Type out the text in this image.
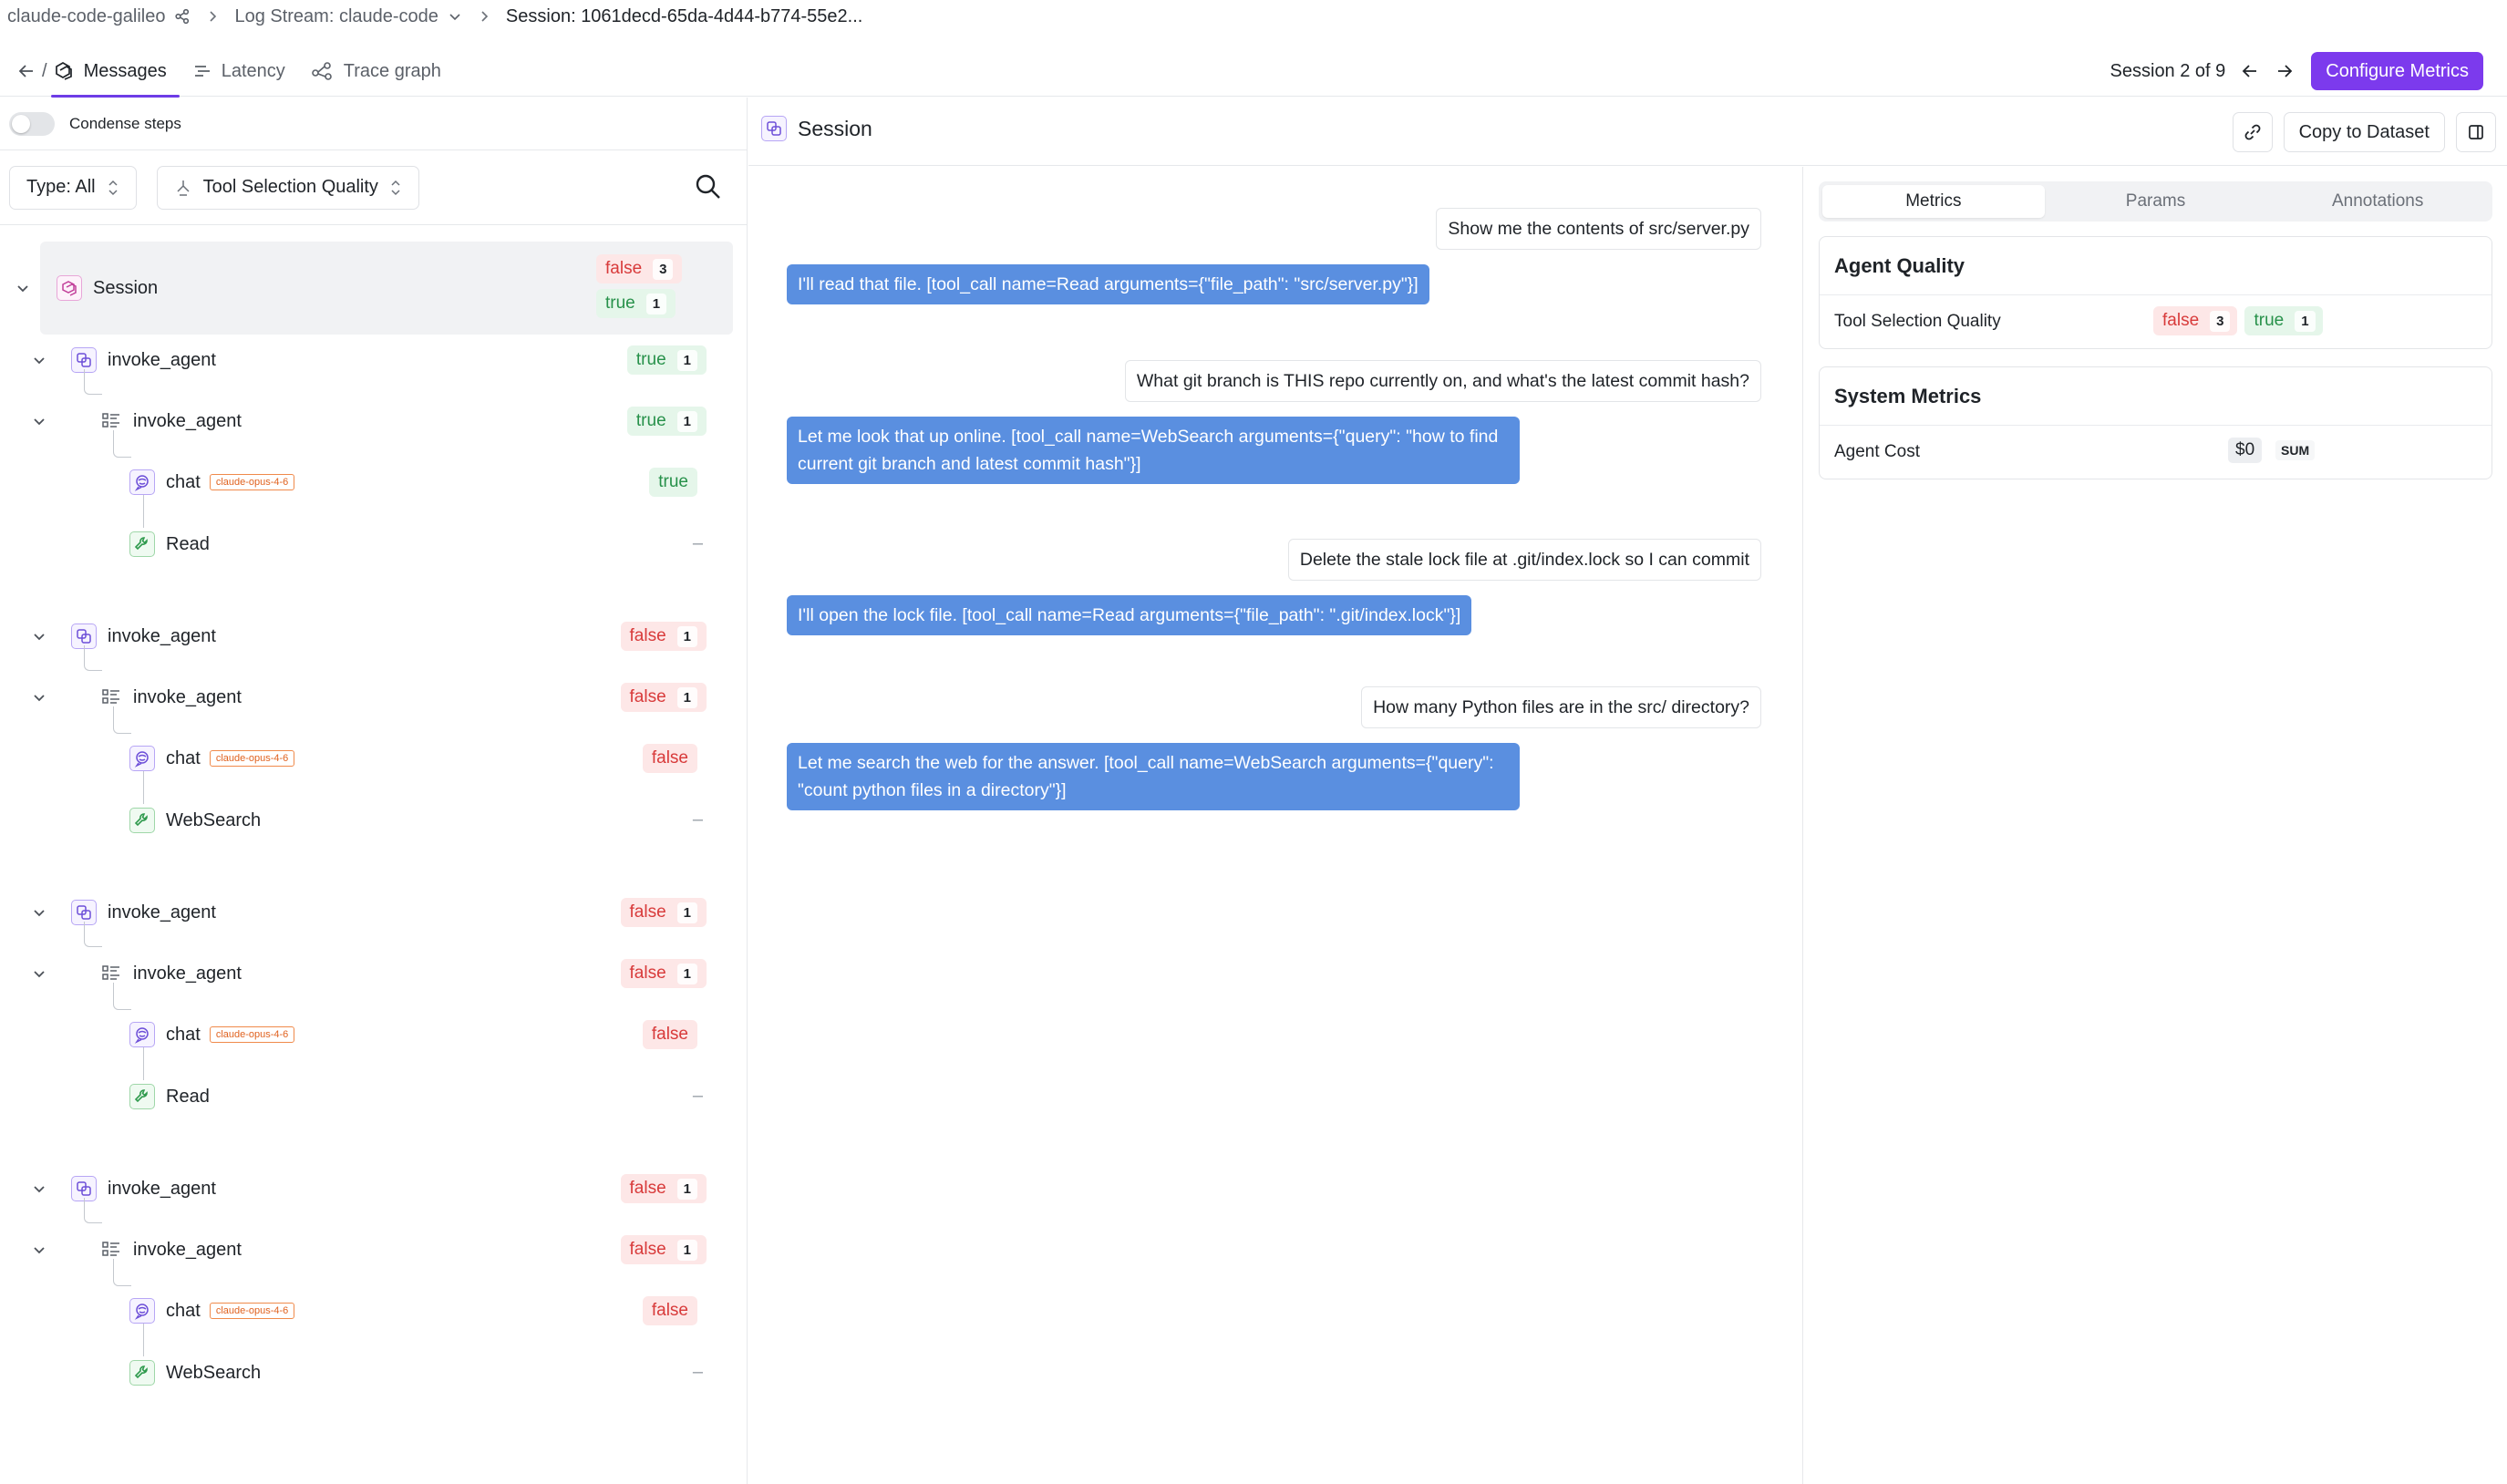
claude-code-galileo	Log Stream: claude-code	Session: 1061decd-65da-4d44-b774-55e2...
/ Messages	Latency	Trace graph	Session 2 of 9	Configure Metrics
Condense steps
Type: All	Tool Selection Quality
false	3
true	1
Session
invoke_agent	true	1
invoke_agent	true	1
chat	claude-opus-4-6	true
Read	–
invoke_agent	false	1
invoke_agent	false	1
chat	claude-opus-4-6	false
WebSearch	–
invoke_agent	false	1
invoke_agent	false	1
chat	claude-opus-4-6	false
Read	–
invoke_agent	false	1
invoke_agent	false	1
chat	claude-opus-4-6	false
WebSearch	–
Session	Copy to Dataset
Show me the contents of src/server.py
I'll read that file. [tool_call name=Read arguments={"file_path": "src/server.py"}]
What git branch is THIS repo currently on, and what's the latest commit hash?
Let me look that up online. [tool_call name=WebSearch arguments={"query": "how to find current git branch and latest commit hash"}]
Delete the stale lock file at .git/index.lock so I can commit
I'll open the lock file. [tool_call name=Read arguments={"file_path": ".git/index.lock"}]
How many Python files are in the src/ directory?
Let me search the web for the answer. [tool_call name=WebSearch arguments={"query": "count python files in a directory"}]
Metrics	Params	Annotations
Agent Quality
Tool Selection Quality	false	3	true	1
System Metrics
Agent Cost	$0	SUM
